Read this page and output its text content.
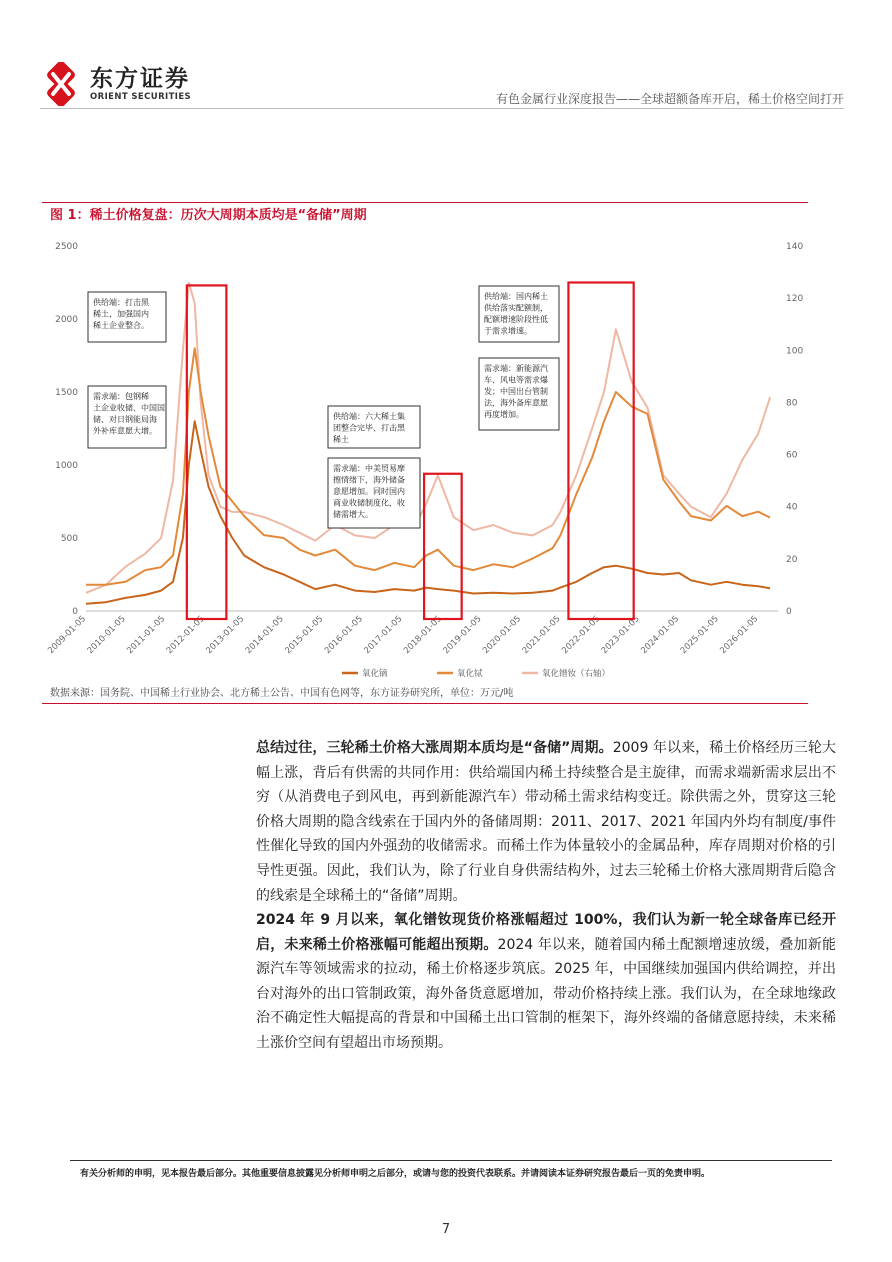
东方证券
ORIENT SECURITIES	有色金属行业深度报告——全球超额备库开启，稀土价格空间打开
图 1：稀土价格复盘：历次大周期本质均是“备储”周期
0
500
1000
1500
2000
2500
0
20
40
60
80
100
120
140
2009-01-05
2010-01-05
2011-01-05
2012-01-05
2013-01-05
2014-01-05
2015-01-05
2016-01-05
2017-01-05
2018-01-05
2019-01-05
2020-01-05
2021-01-05
2022-01-05
2023-01-05
2024-01-05
2025-01-05
2026-01-05
供给端：打击黑
稀土，加强国内
稀土企业整合。
需求端：包钢稀
土企业收储、中国国
储、对日钢能局海
外补库意愿大增。
供给端：六大稀土集
团整合完毕、打击黑
稀土
需求端：中美贸易摩
擦情绪下，海外储备
意愿增加。同时国内
商业收储制度化，收
储需增大。
供给端：国内稀土
供给落实配额制，
配额增速阶段性低
于需求增速。
需求端：新能源汽
车、风电等需求爆
发；中国出台管制
法，海外备库意愿
再度增加。
氧化镝	氧化铽	氧化镨钕（右轴）
数据来源：国务院、中国稀土行业协会、北方稀土公告、中国有色网等，东方证券研究所，单位：万元/吨
总结过往，三轮稀土价格大涨周期本质均是“备储”周期。2009 年以来，稀土价格经历三轮大幅上涨，背后有供需的共同作用：供给端国内稀土持续整合是主旋律，而需求端新需求层出不穷（从消费电子到风电，再到新能源汽车）带动稀土需求结构变迁。除供需之外，贯穿这三轮价格大周期的隐含线索在于国内外的备储周期：2011、2017、2021 年国内外均有制度/事件性催化导致的国内外强劲的收储需求。而稀土作为体量较小的金属品种，库存周期对价格的引导性更强。因此，我们认为，除了行业自身供需结构外，过去三轮稀土价格大涨周期背后隐含的线索是全球稀土的“备储”周期。
2024 年 9 月以来，氧化镨钕现货价格涨幅超过 100%，我们认为新一轮全球备库已经开启，未来稀土价格涨幅可能超出预期。2024 年以来，随着国内稀土配额增速放缓，叠加新能源汽车等领域需求的拉动，稀土价格逐步筑底。2025 年，中国继续加强国内供给调控，并出台对海外的出口管制政策，海外备货意愿增加，带动价格持续上涨。我们认为，在全球地缘政治不确定性大幅提高的背景和中国稀土出口管制的框架下，海外终端的备储意愿持续，未来稀土涨价空间有望超出市场预期。
有关分析师的申明，见本报告最后部分。其他重要信息披露见分析师申明之后部分，或请与您的投资代表联系。并请阅读本证券研究报告最后一页的免责申明。
7
